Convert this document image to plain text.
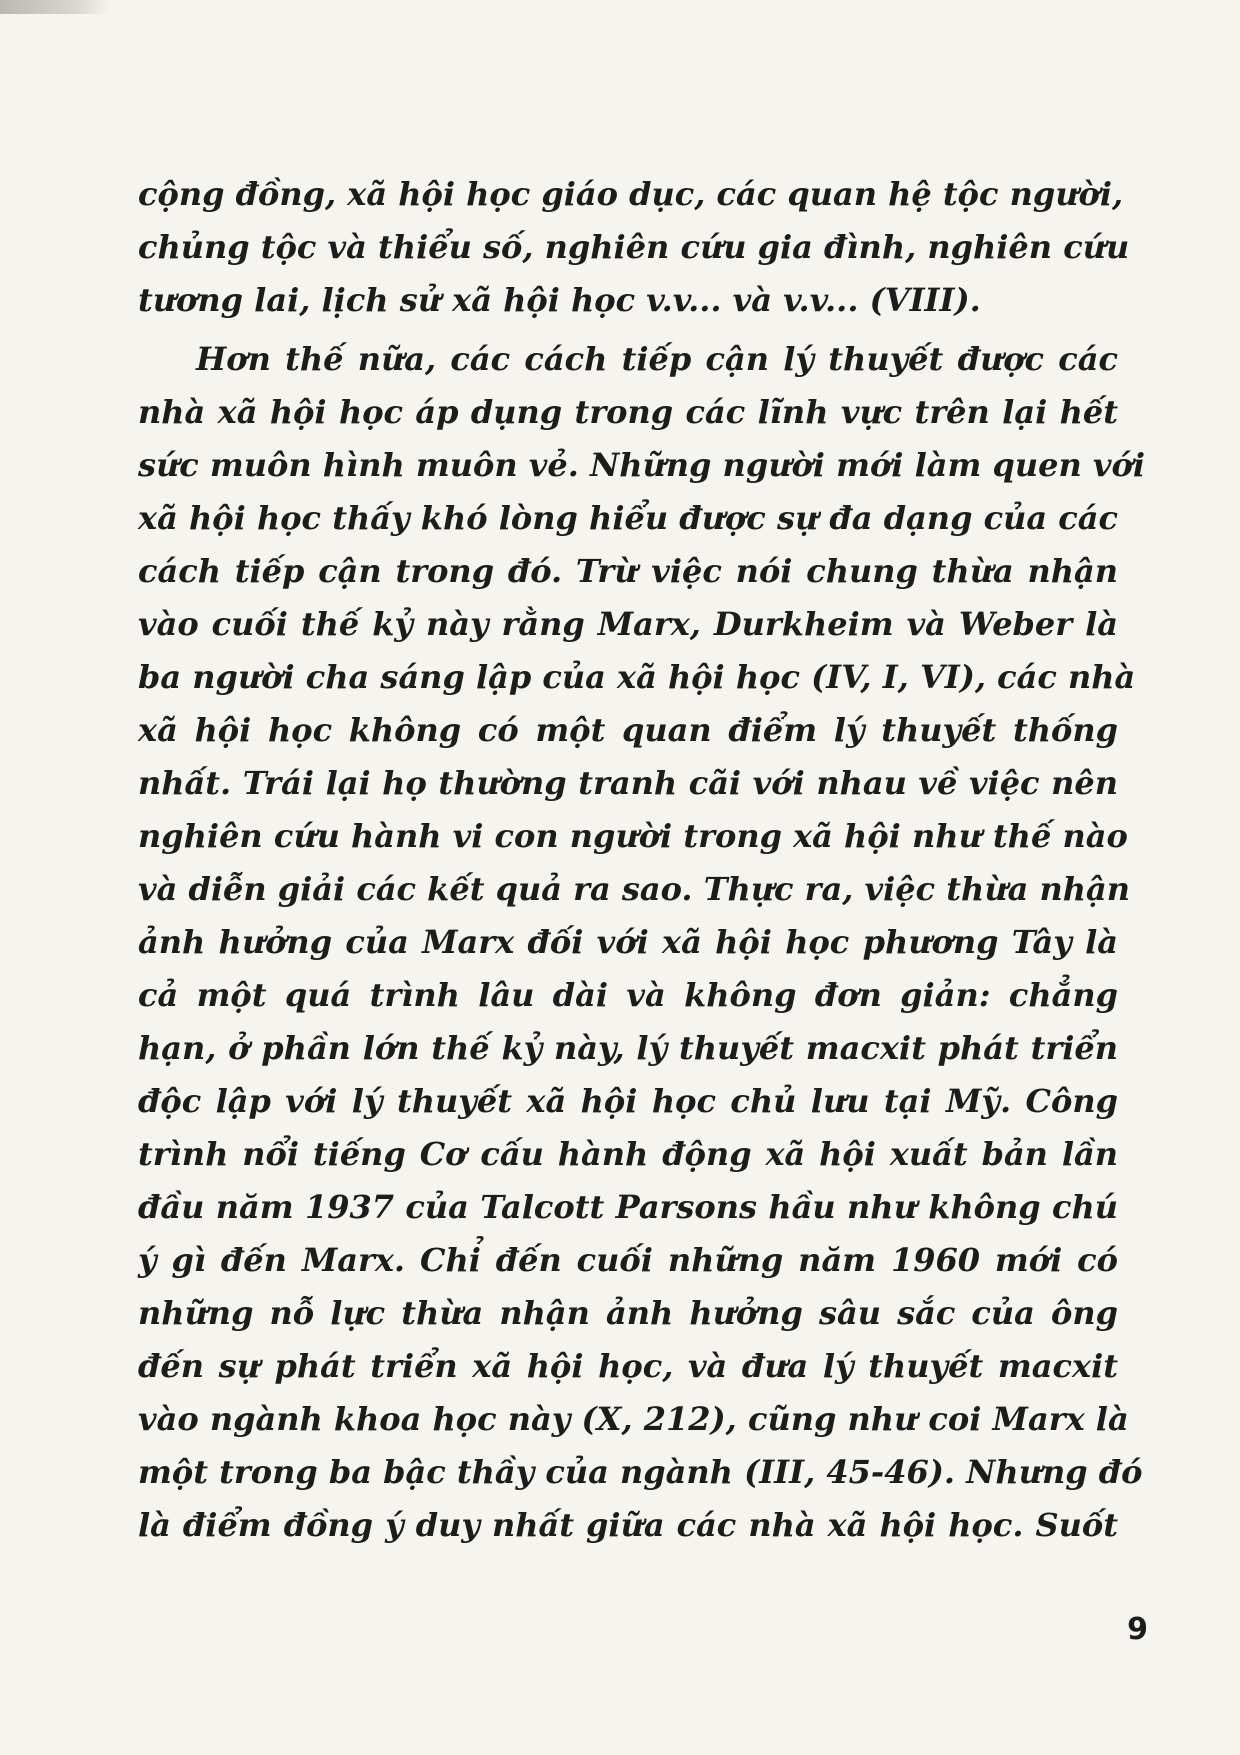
cộng đồng, xã hội học giáo dục, các quan hệ tộc người,
chủng tộc và thiểu số, nghiên cứu gia đình, nghiên cứu
tương lai, lịch sử xã hội học v.v... và v.v... (VIII).

Hơn thế nữa, các cách tiếp cận lý thuyết được các
nhà xã hội học áp dụng trong các lĩnh vực trên lại hết
sức muôn hình muôn vẻ. Những người mới làm quen với
xã hội học thấy khó lòng hiểu được sự đa dạng của các
cách tiếp cận trong đó. Trừ việc nói chung thừa nhận
vào cuối thế kỷ này rằng Marx, Durkheim và Weber là
ba người cha sáng lập của xã hội học (IV, I, VI), các nhà
xã hội học không có một quan điểm lý thuyết thống
nhất. Trái lại họ thường tranh cãi với nhau về việc nên
nghiên cứu hành vi con người trong xã hội như thế nào
và diễn giải các kết quả ra sao. Thực ra, việc thừa nhận
ảnh hưởng của Marx đối với xã hội học phương Tây là
cả một quá trình lâu dài và không đơn giản: chẳng
hạn, ở phần lớn thế kỷ này, lý thuyết macxit phát triển
độc lập với lý thuyết xã hội học chủ lưu tại Mỹ. Công
trình nổi tiếng Cơ cấu hành động xã hội xuất bản lần
đầu năm 1937 của Talcott Parsons hầu như không chú
ý gì đến Marx. Chỉ đến cuối những năm 1960 mới có
những nỗ lực thừa nhận ảnh hưởng sâu sắc của ông
đến sự phát triển xã hội học, và đưa lý thuyết macxit
vào ngành khoa học này (X, 212), cũng như coi Marx là
một trong ba bậc thầy của ngành (III, 45-46). Nhưng đó
là điểm đồng ý duy nhất giữa các nhà xã hội học. Suốt

9
